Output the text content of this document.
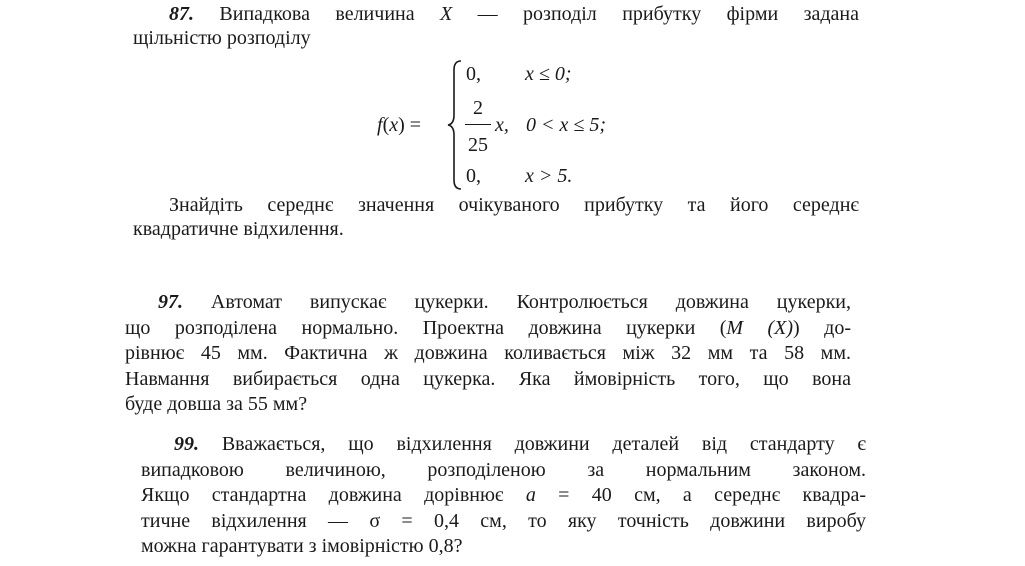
87. Випадкова величина X — розподіл прибутку фірми задана
щільністю розподілу
f(x) =
0, x ≤ 0;
2
25
x, 0 < x ≤ 5;
0, x > 5.
Знайдіть середнє значення очікуваного прибутку та його середнє
квадратичне відхилення.
97. Автомат випускає цукерки. Контролюється довжина цукерки,
що розподілена нормально. Проектна довжина цукерки (M (X)) до-
рівнює 45 мм. Фактична ж довжина коливається між 32 мм та 58 мм.
Навмання вибирається одна цукерка. Яка ймовірність того, що вона
буде довша за 55 мм?
99. Вважається, що відхилення довжини деталей від стандарту є
випадковою величиною, розподіленою за нормальним законом.
Якщо стандартна довжина дорівнює a = 40 см, а середнє квадра-
тичне відхилення — σ = 0,4 см, то яку точність довжини виробу
можна гарантувати з імовірністю 0,8?
